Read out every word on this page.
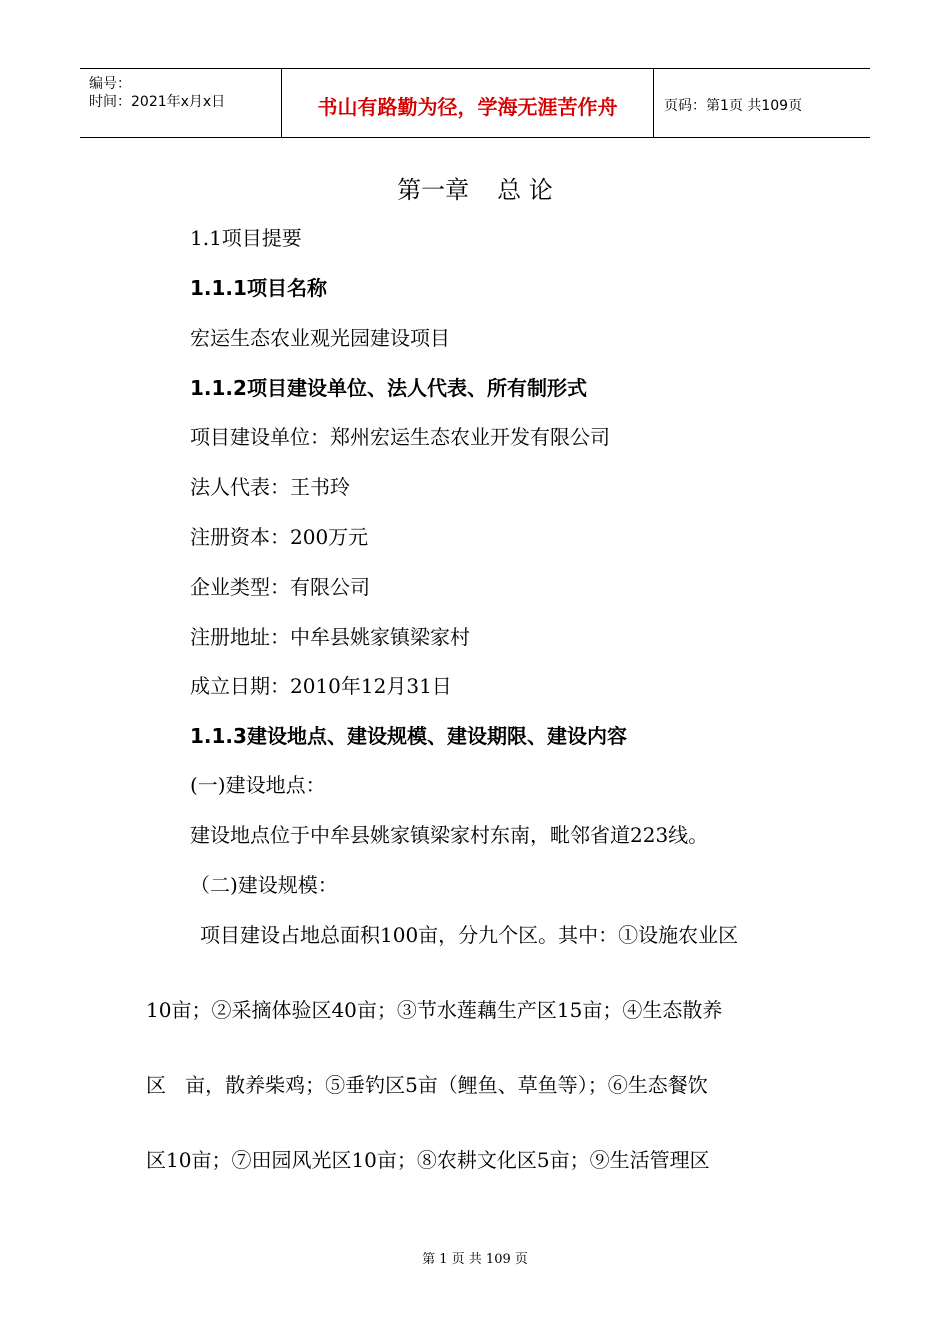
编号：
时间：2021年x月x日	书山有路勤为径，学海无涯苦作舟	页码：第1页 共109页
第一章 总 论
1.1项目提要
1.1.1项目名称
宏运生态农业观光园建设项目
1.1.2项目建设单位、法人代表、所有制形式
项目建设单位：郑州宏运生态农业开发有限公司
法人代表：王书玲
注册资本：200万元
企业类型：有限公司
注册地址：中牟县姚家镇梁家村
成立日期：2010年12月31日
1.1.3建设地点、建设规模、建设期限、建设内容
(一)建设地点：
建设地点位于中牟县姚家镇梁家村东南，毗邻省道223线。
（二)建设规模：
项目建设占地总面积100亩，分九个区。其中：①设施农业区
10亩；②采摘体验区40亩；③节水莲藕生产区15亩；④生态散养
区   亩，散养柴鸡；⑤垂钓区5亩（鲤鱼、草鱼等）；⑥生态餐饮
区10亩；⑦田园风光区10亩；⑧农耕文化区5亩；⑨生活管理区
第 1 页 共 109 页
